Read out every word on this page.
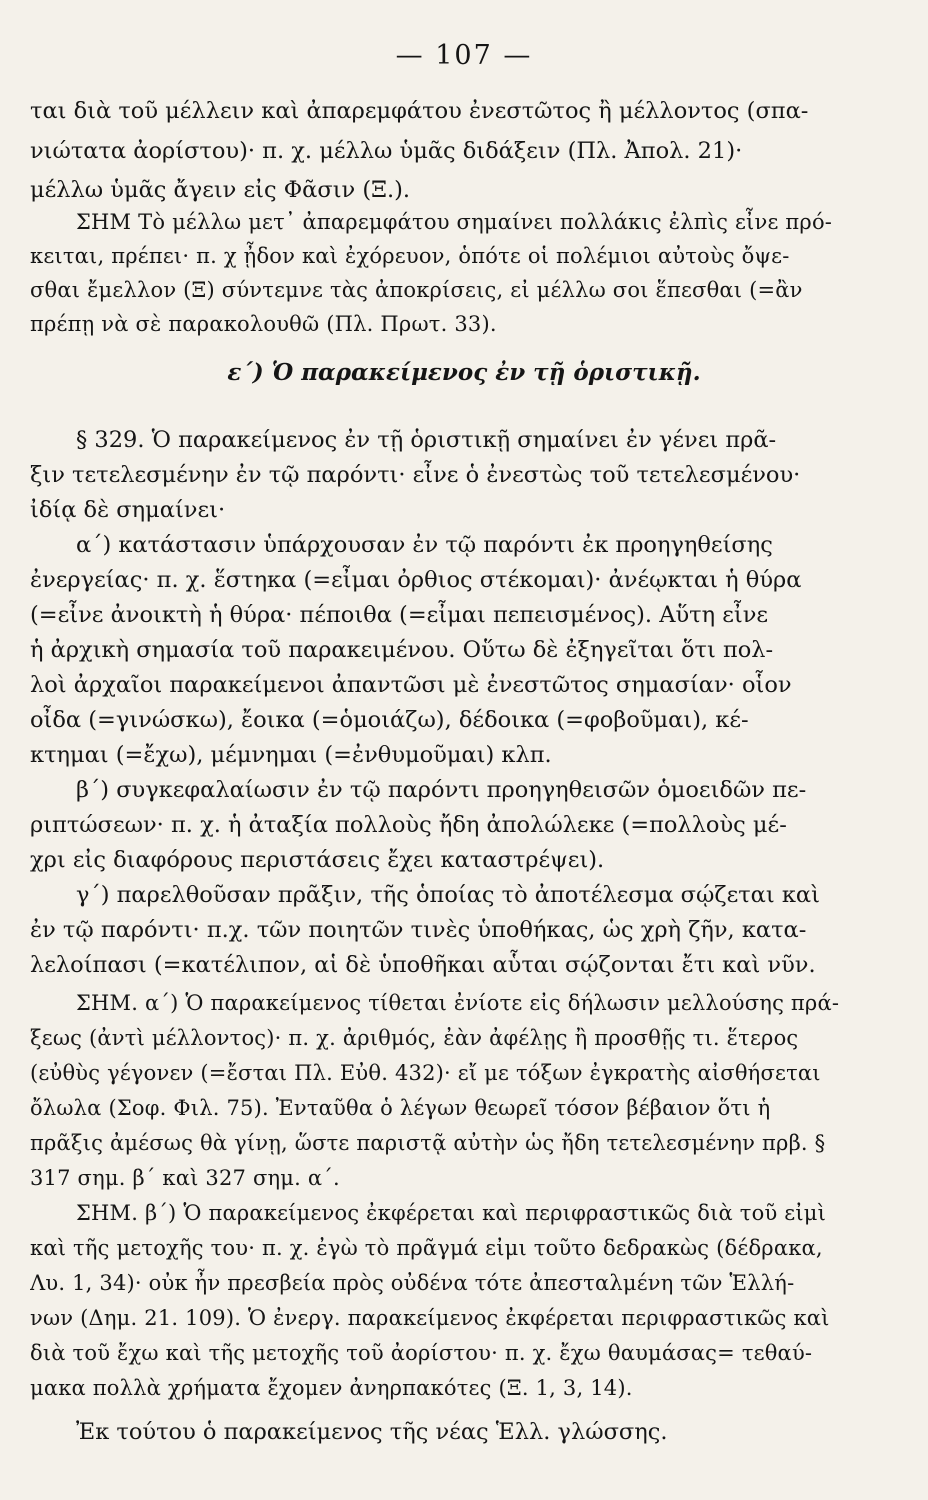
— 107 —
ται διὰ τοῦ μέλλειν καὶ ἀπαρεμφάτου ἐνεστῶτος ἢ μέλλοντος (σπα-
νιώτατα ἀορίστου)· π. χ. μέλλω ὑμᾶς διδάξειν (Πλ. Ἀπολ. 21)·
μέλλω ὑμᾶς ἄγειν εἰς Φᾶσιν (Ξ.).
ΣΗΜ Τὸ μέλλω μετ᾽ ἀπαρεμφάτου σημαίνει πολλάκις ἐλπὶς εἶνε πρό-
κειται, πρέπει· π. χ ᾖδον καὶ ἐχόρευον, ὁπότε οἱ πολέμιοι αὐτοὺς ὄψε-
σθαι ἔμελλον (Ξ) σύντεμνε τὰς ἀποκρίσεις, εἰ μέλλω σοι ἕπεσθαι (=ἂν
πρέπῃ νὰ σὲ παρακολουθῶ (Πλ. Πρωτ. 33).
ε΄) Ὁ παρακείμενος ἐν τῇ ὁριστικῇ.
§ 329. Ὁ παρακείμενος ἐν τῇ ὁριστικῇ σημαίνει ἐν γένει πρᾶ-
ξιν τετελεσμένην ἐν τῷ παρόντι· εἶνε ὁ ἐνεστὼς τοῦ τετελεσμένου·
ἰδίᾳ δὲ σημαίνει·
α΄) κατάστασιν ὑπάρχουσαν ἐν τῷ παρόντι ἐκ προηγηθείσης
ἐνεργείας· π. χ. ἕστηκα (=εἶμαι ὀρθιος στέκομαι)· ἀνέῳκται ἡ θύρα
(=εἶνε ἀνοικτὴ ἡ θύρα· πέποιθα (=εἶμαι πεπεισμένος). Αὕτη εἶνε
ἡ ἀρχικὴ σημασία τοῦ παρακειμένου. Οὕτω δὲ ἐξηγεῖται ὅτι πολ-
λοὶ ἀρχαῖοι παρακείμενοι ἀπαντῶσι μὲ ἐνεστῶτος σημασίαν· οἷον
οἶδα (=γινώσκω), ἔοικα (=ὁμοιάζω), δέδοικα (=φοβοῦμαι), κέ-
κτημαι (=ἔχω), μέμνημαι (=ἐνθυμοῦμαι) κλπ.
β΄) συγκεφαλαίωσιν ἐν τῷ παρόντι προηγηθεισῶν ὁμοειδῶν πε-
ριπτώσεων· π. χ. ἡ ἀταξία πολλοὺς ἤδη ἀπολώλεκε (=πολλοὺς μέ-
χρι εἰς διαφόρους περιστάσεις ἔχει καταστρέψει).
γ΄) παρελθοῦσαν πρᾶξιν, τῆς ὁποίας τὸ ἀποτέλεσμα σῴζεται καὶ
ἐν τῷ παρόντι· π.χ. τῶν ποιητῶν τινὲς ὑποθήκας, ὡς χρὴ ζῆν, κατα-
λελοίπασι (=κατέλιπον, αἱ δὲ ὑποθῆκαι αὗται σῴζονται ἔτι καὶ νῦν.
ΣΗΜ. α΄) Ὁ παρακείμενος τίθεται ἐνίοτε εἰς δήλωσιν μελλούσης πρά-
ξεως (ἀντὶ μέλλοντος)· π. χ. ἀριθμός, ἐὰν ἀφέλῃς ἢ προσθῇς τι. ἕτερος
(εὐθὺς γέγονεν (=ἔσται Πλ. Εὐθ. 432)· εἴ με τόξων ἐγκρατὴς αἰσθήσεται
ὄλωλα (Σοφ. Φιλ. 75). Ἐνταῦθα ὁ λέγων θεωρεῖ τόσον βέβαιον ὅτι ἡ
πρᾶξις ἀμέσως θὰ γίνῃ, ὥστε παριστᾷ αὐτὴν ὡς ἤδη τετελεσμένην πρβ. §
317 σημ. β΄ καὶ 327 σημ. α΄.
ΣΗΜ. β΄) Ὁ παρακείμενος ἐκφέρεται καὶ περιφραστικῶς διὰ τοῦ εἰμὶ
καὶ τῆς μετοχῆς του· π. χ. ἐγὼ τὸ πρᾶγμά εἰμι τοῦτο δεδρακὼς (δέδρακα,
Λυ. 1, 34)· οὐκ ἦν πρεσβεία πρὸς οὐδένα τότε ἀπεσταλμένη τῶν Ἑλλή-
νων (Δημ. 21. 109). Ὁ ἐνεργ. παρακείμενος ἐκφέρεται περιφραστικῶς καὶ
διὰ τοῦ ἔχω καὶ τῆς μετοχῆς τοῦ ἀορίστου· π. χ. ἔχω θαυμάσας= τεθαύ-
μακα πολλὰ χρήματα ἔχομεν ἀνηρπακότες (Ξ. 1, 3, 14).
Ἐκ τούτου ὁ παρακείμενος τῆς νέας Ἑλλ. γλώσσης.
